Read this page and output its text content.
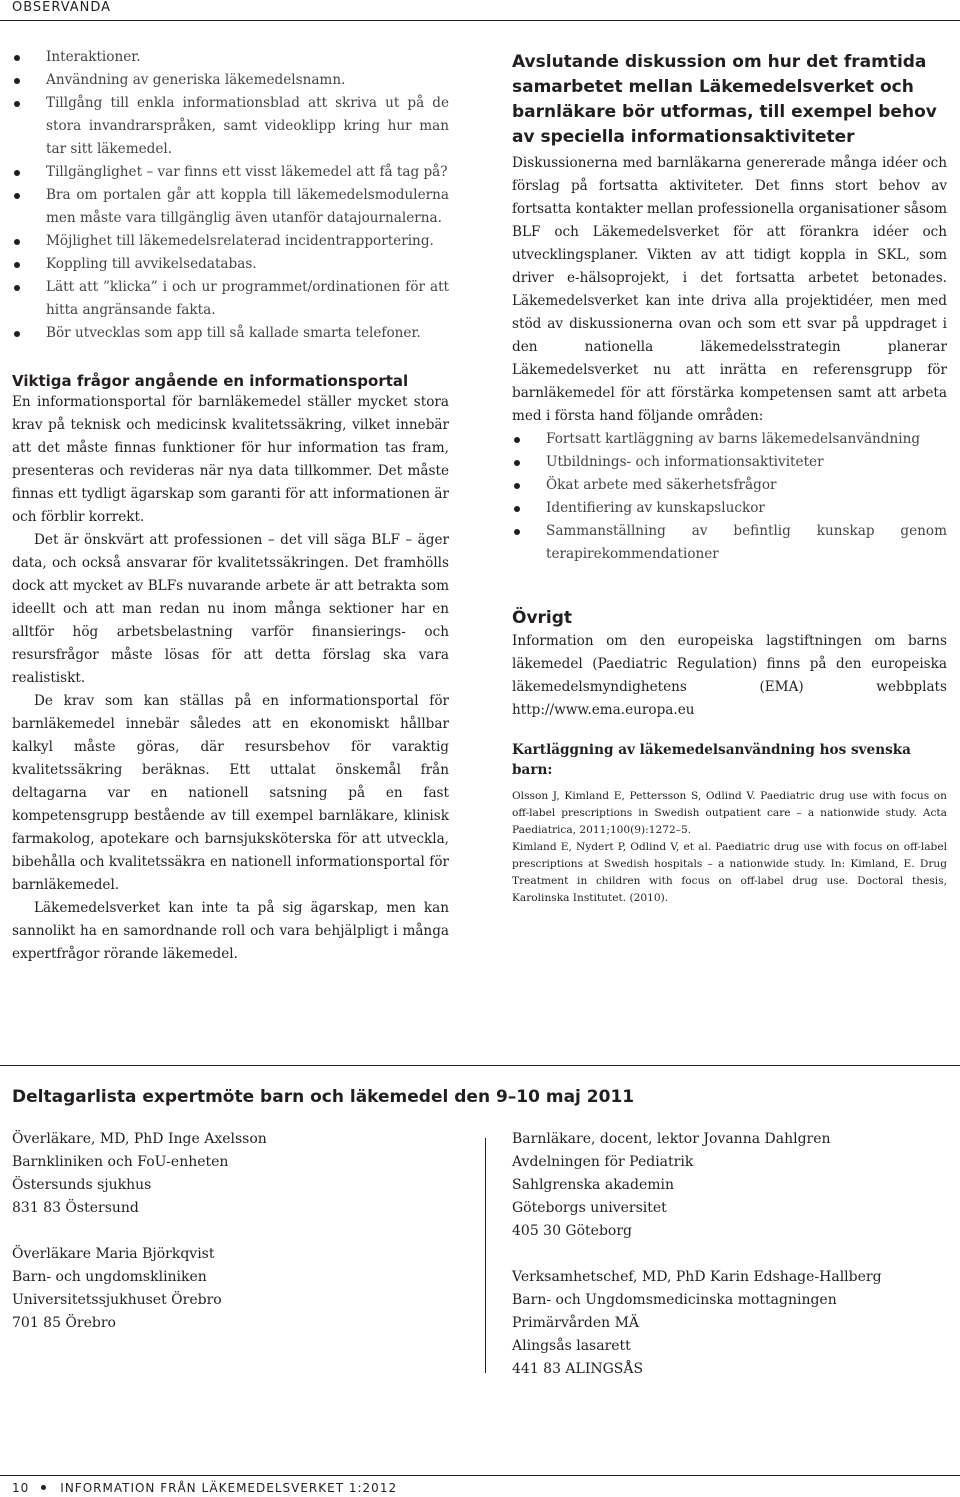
OBSERVANDA
Interaktioner.
Användning av generiska läkemedelsnamn.
Tillgång till enkla informationsblad att skriva ut på de stora invandrarspråken, samt videoklipp kring hur man tar sitt läkemedel.
Tillgänglighet – var finns ett visst läkemedel att få tag på?
Bra om portalen går att koppla till läkemedelsmodulerna men måste vara tillgänglig även utanför datajournalerna.
Möjlighet till läkemedelsrelaterad incidentrapportering.
Koppling till avvikelsedatabas.
Lätt att ”klicka” i och ur programmet/ordinationen för att hitta angränsande fakta.
Bör utvecklas som app till så kallade smarta telefoner.
Viktiga frågor angående en informationsportal

En informationsportal för barnläkemedel ställer mycket stora krav på teknisk och medicinsk kvalitetssäkring, vilket innebär att det måste finnas funktioner för hur information tas fram, presenteras och revideras när nya data tillkommer. Det måste finnas ett tydligt ägarskap som garanti för att informationen är och förblir korrekt.

Det är önskvärt att professionen – det vill säga BLF – äger data, och också ansvarar för kvalitetssäkringen. Det framhölls dock att mycket av BLFs nuvarande arbete är att betrakta som ideellt och att man redan nu inom många sektioner har en alltför hög arbetsbelastning varför finansierings- och resursfrågor måste lösas för att detta förslag ska vara realistiskt.

De krav som kan ställas på en informationsportal för barnläkemedel innebär således att en ekonomiskt hållbar kalkyl måste göras, där resursbehov för varaktig kvalitetssäkring beräknas. Ett uttalat önskemål från deltagarna var en nationell satsning på en fast kompetensgrupp bestående av till exempel barnläkare, klinisk farmakolog, apotekare och barnsjuksköterska för att utveckla, bibehålla och kvalitetssäkra en nationell informationsportal för barnläkemedel.

Läkemedelsverket kan inte ta på sig ägarskap, men kan sannolikt ha en samordnande roll och vara behjälpligt i många expertfrågor rörande läkemedel.

Avslutande diskussion om hur det framtida samarbetet mellan Läkemedelsverket och barnläkare bör utformas, till exempel behov av speciella informationsaktiviteter

Diskussionerna med barnläkarna genererade många idéer och förslag på fortsatta aktiviteter. Det finns stort behov av fortsatta kontakter mellan professionella organisationer såsom BLF och Läkemedelsverket för att förankra idéer och utvecklingsplaner. Vikten av att tidigt koppla in SKL, som driver e-hälsoprojekt, i det fortsatta arbetet betonades. Läkemedelsverket kan inte driva alla projektidéer, men med stöd av diskussionerna ovan och som ett svar på uppdraget i den nationella läkemedelsstrategin planerar Läkemedelsverket nu att inrätta en referensgrupp för barnläkemedel för att förstärka kompetensen samt att arbeta med i första hand följande områden:

Fortsatt kartläggning av barns läkemedelsanvändning
Utbildnings- och informationsaktiviteter
Ökat arbete med säkerhetsfrågor
Identifiering av kunskapsluckor
Sammanställning av befintlig kunskap genom terapirekommendationer
Övrigt

Information om den europeiska lagstiftningen om barns läkemedel (Paediatric Regulation) finns på den europeiska läkemedelsmyndighetens (EMA) webbplats http://www.ema.europa.eu

Kartläggning av läkemedelsanvändning hos svenska barn:

Olsson J, Kimland E, Pettersson S, Odlind V. Paediatric drug use with focus on off-label prescriptions in Swedish outpatient care – a nationwide study. Acta Paediatrica, 2011;100(9):1272–5.

Kimland E, Nydert P, Odlind V, et al. Paediatric drug use with focus on off-label prescriptions at Swedish hospitals – a nationwide study. In: Kimland, E. Drug Treatment in children with focus on off-label drug use. Doctoral thesis, Karolinska Institutet. (2010).

Deltagarlista expertmöte barn och läkemedel den 9–10 maj 2011
Överläkare, MD, PhD Inge Axelsson
Barnkliniken och FoU-enheten
Östersunds sjukhus
831 83 Östersund
Överläkare Maria Björkqvist
Barn- och ungdomskliniken
Universitetssjukhuset Örebro
701 85 Örebro
Barnläkare, docent, lektor Jovanna Dahlgren
Avdelningen för Pediatrik
Sahlgrenska akademin
Göteborgs universitet
405 30 Göteborg
Verksamhetschef, MD, PhD Karin Edshage-Hallberg
Barn- och Ungdomsmedicinska mottagningen
Primärvården MÄ
Alingsås lasarett
441 83 ALINGSÅS
10	INFORMATION FRÅN LÄKEMEDELSVERKET 1:2012
